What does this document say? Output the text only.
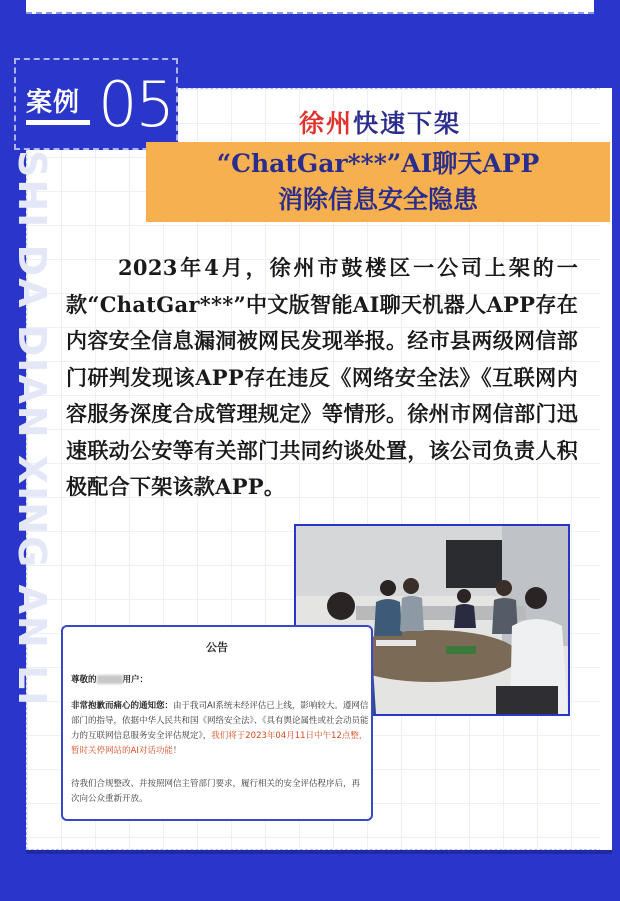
SHI DA DIAN XING AN LI
案例 05	徐州快速下架
“ChatGar***”AI聊天APP
消除信息安全隐患
2023年4月，徐州市鼓楼区一公司上架的一款“ChatGar***”中文版智能AI聊天机器人APP存在内容安全信息漏洞被网民发现举报。经市县两级网信部门研判发现该APP存在违反《网络安全法》《互联网内容服务深度合成管理规定》等情形。徐州市网信部门迅速联动公安等有关部门共同约谈处置，该公司负责人积极配合下架该款APP。
公告
尊敬的	用户：
非常抱歉而痛心的通知您：由于我司AI系统未经评估已上线，影响较大。遵网信部门的指导，依据中华人民共和国《网络安全法》、《具有舆论属性或社会动员能力的互联网信息服务安全评估规定》，我们将于2023年04月11日中午12点整，暂时关停网站的AI对话功能！
待我们合规整改、并按照网信主管部门要求，履行相关的安全评估程序后，再次向公众重新开放。
